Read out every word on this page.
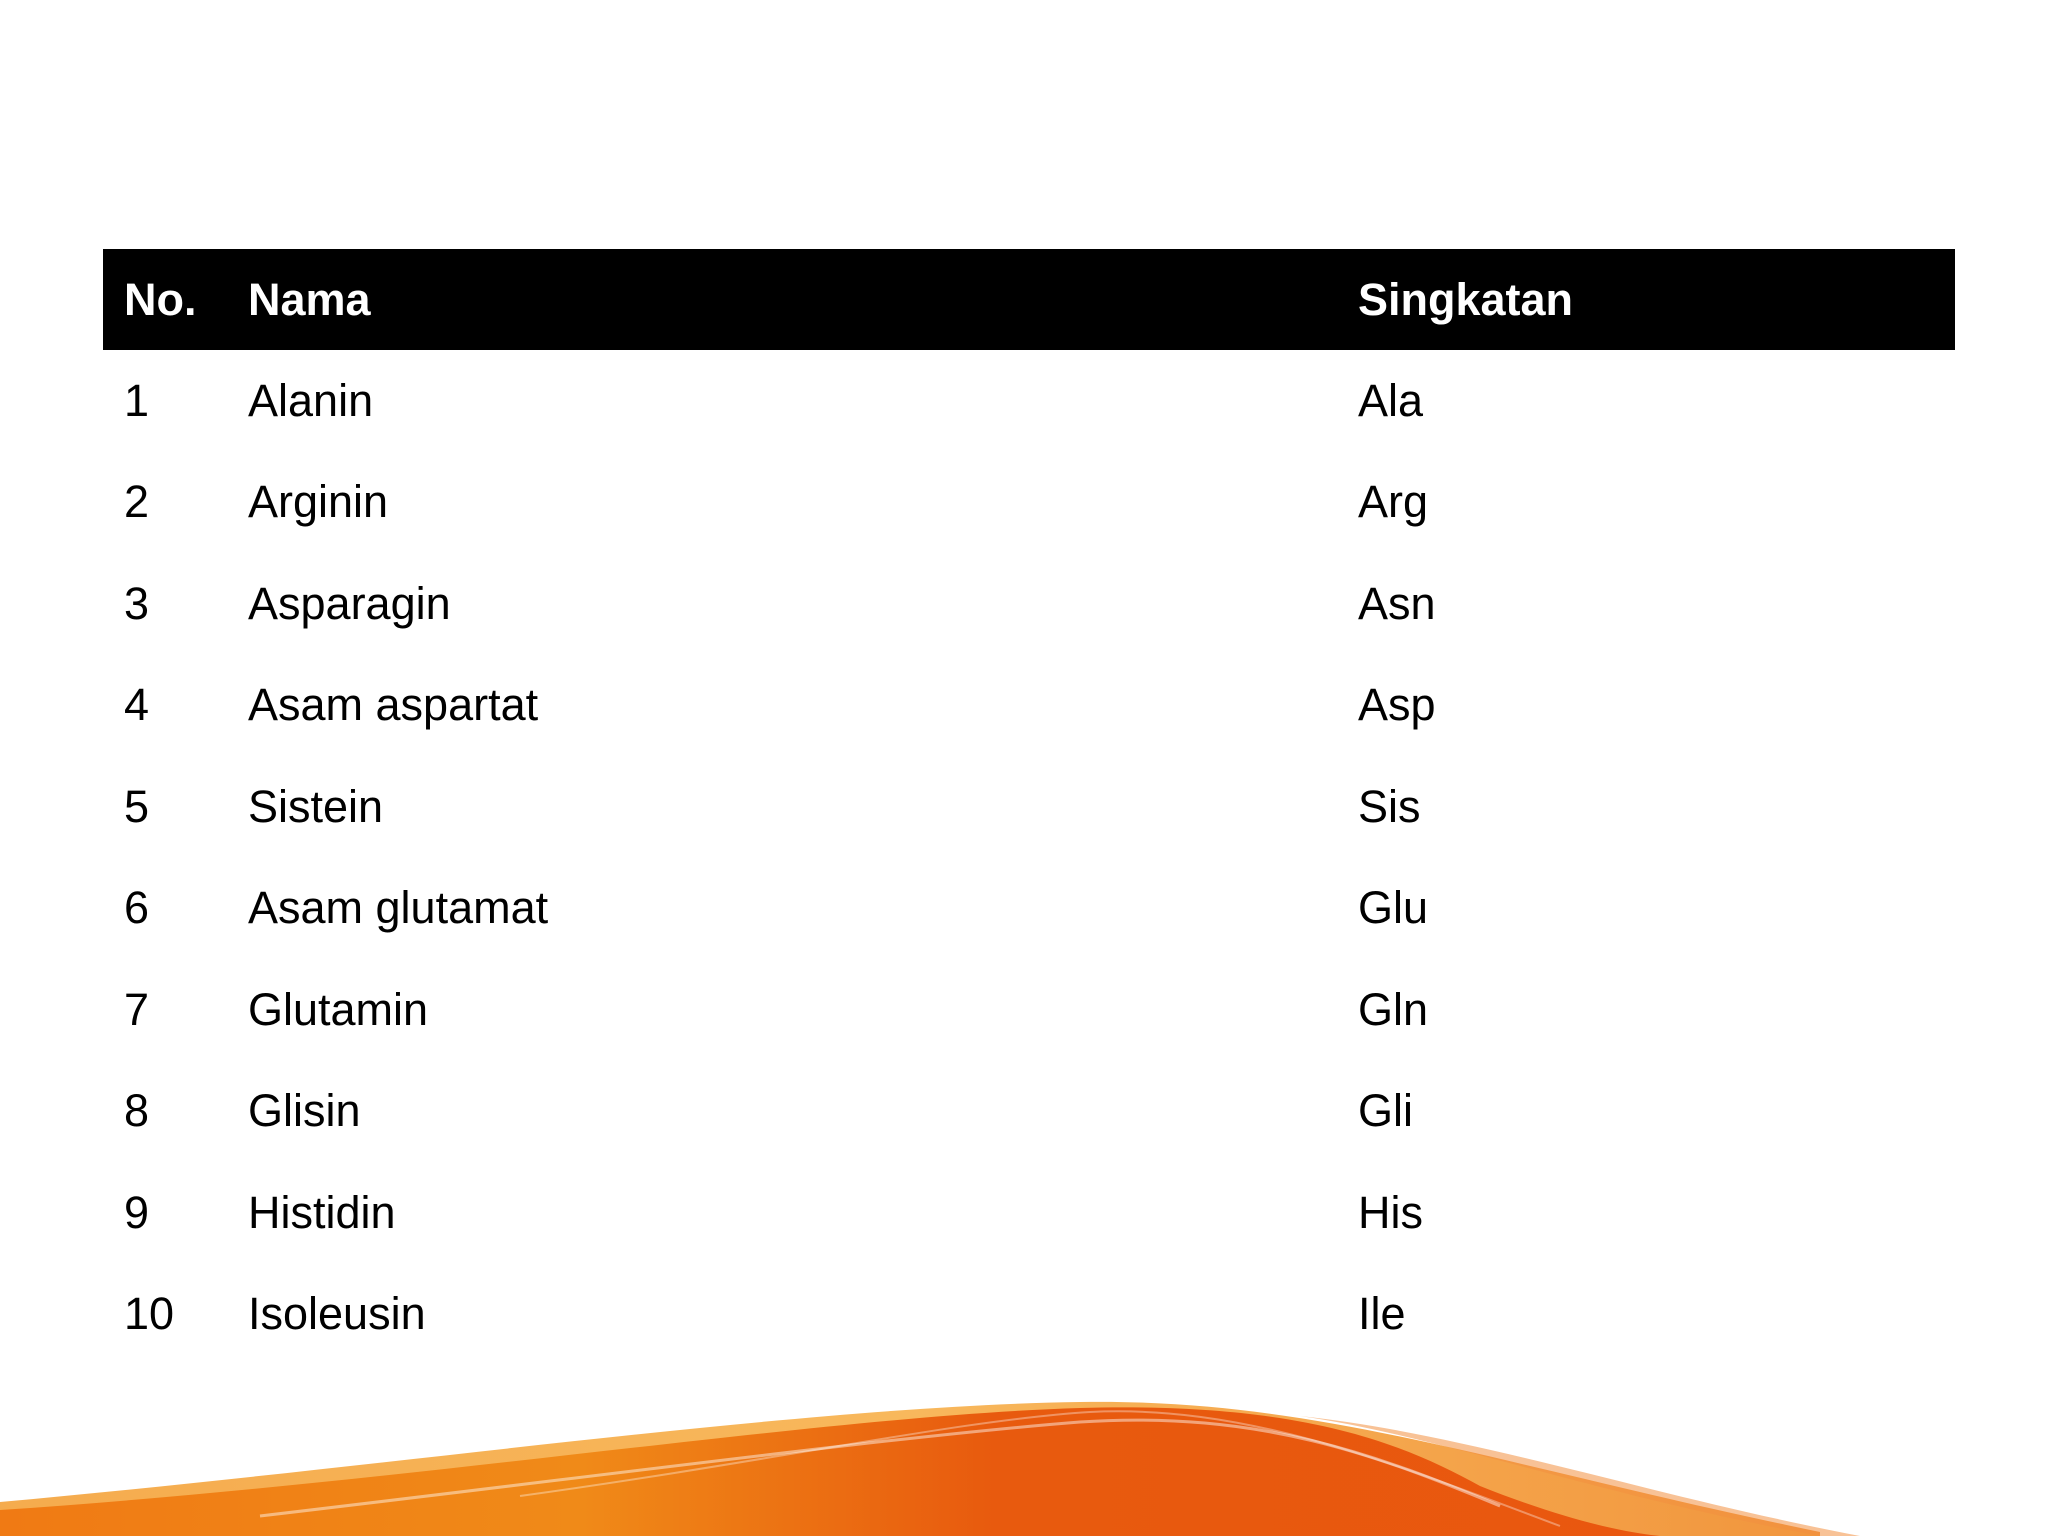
No.	Nama	Singkatan
1	Alanin	Ala
2	Arginin	Arg
3	Asparagin	Asn
4	Asam aspartat	Asp
5	Sistein	Sis
6	Asam glutamat	Glu
7	Glutamin	Gln
8	Glisin	Gli
9	Histidin	His
10	Isoleusin	Ile
